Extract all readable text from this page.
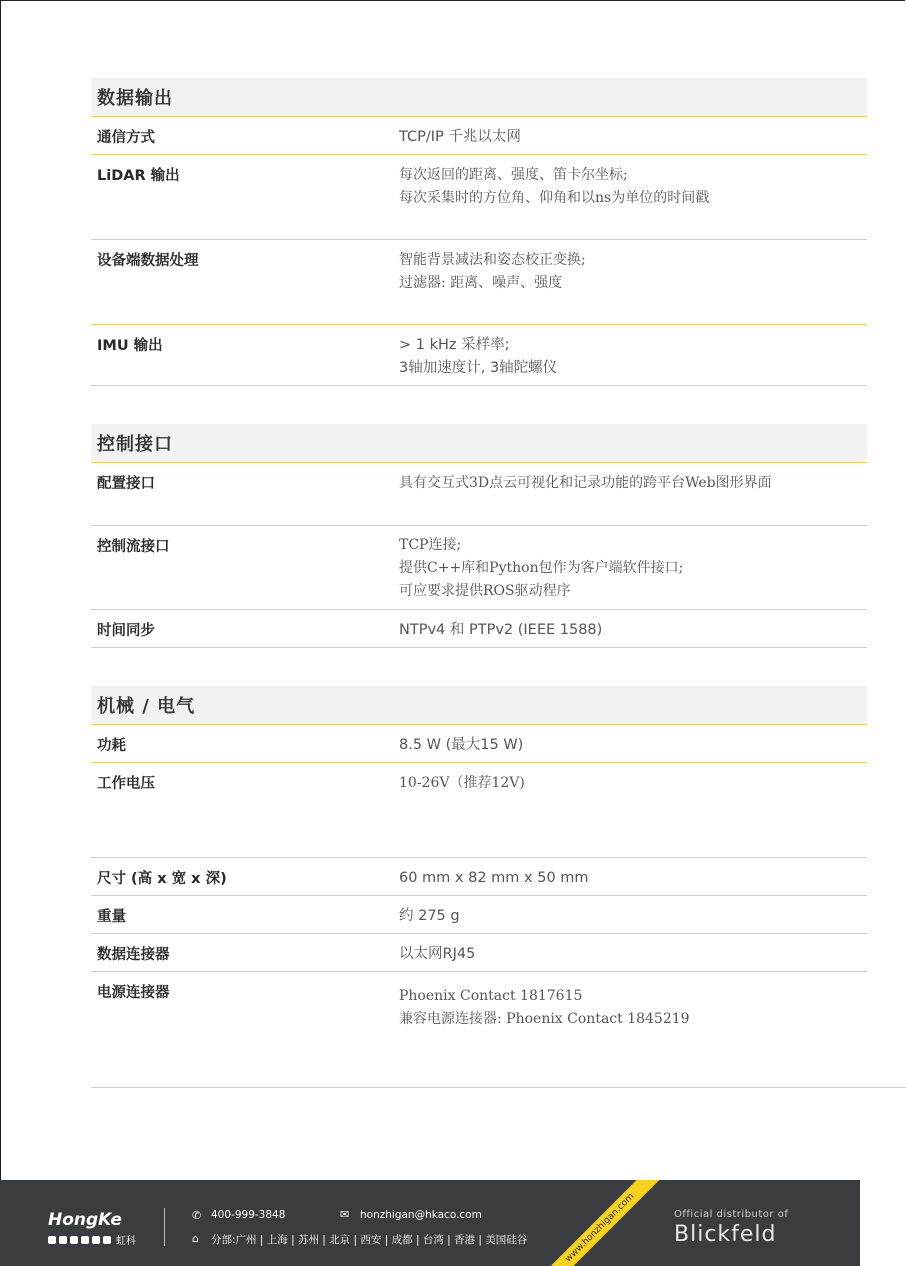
数据输出
通信方式	TCP/IP 千兆以太网
LiDAR 输出	每次返回的距离、强度、笛卡尔坐标;
每次采集时的方位角、仰角和以ns为单位的时间戳
设备端数据处理	智能背景减法和姿态校正变换;
过滤器: 距离、噪声、强度
IMU 输出	> 1 kHz 采样率;
3轴加速度计, 3轴陀螺仪
控制接口
配置接口	具有交互式3D点云可视化和记录功能的跨平台Web图形界面
控制流接口	TCP连接;
提供C++库和Python包作为客户端软件接口;
可应要求提供ROS驱动程序
时间同步	NTPv4 和 PTPv2 (IEEE 1588)
机械 / 电气
功耗	8.5 W (最大15 W)
工作电压	10-26V（推荐12V)
尺寸 (高 x 宽 x 深)	60 mm x 82 mm x 50 mm
重量	约 275 g
数据连接器	以太网RJ45
电源连接器	Phoenix Contact 1817615
兼容电源连接器: Phoenix Contact 1845219
HongKe
虹科
✆ 400-999-3848	✉ honzhigan@hkaco.com
⌂ 分部:广州 | 上海 | 苏州 | 北京 | 西安 | 成都 | 台湾 | 香港 | 美国硅谷	www.honzhigan.com	Official distributor of
Blickfeld
